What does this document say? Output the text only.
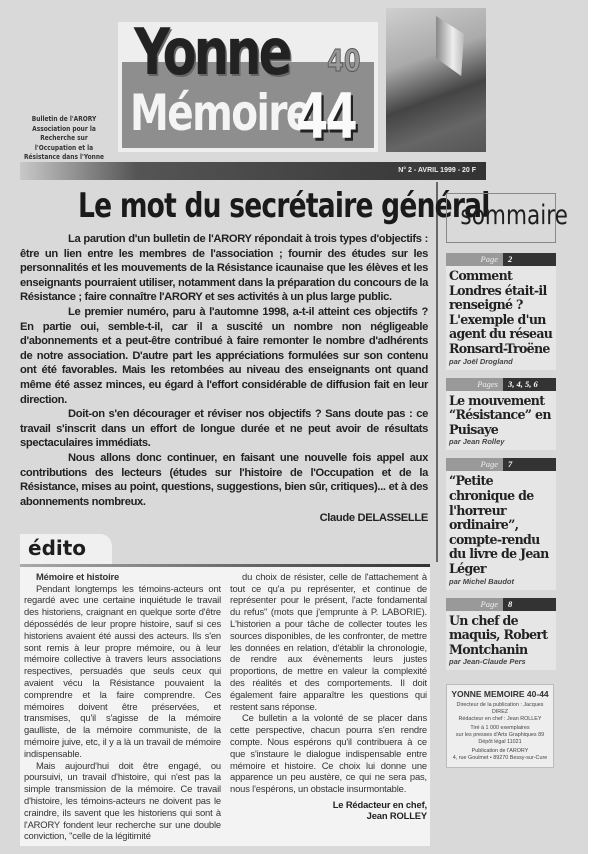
Bulletin de l'ARORY Association pour la Recherche sur l'Occupation et la Résistance dans l'Yonne
Yonne
Mémoire
40
44
N° 2 - AVRIL 1999 - 20 F
Le mot du secrétaire général

La parution d'un bulletin de l'ARORY répondait à trois types d'objectifs : être un lien entre les membres de l'association ; fournir des études sur les personnalités et les mouvements de la Résistance icaunaise que les élèves et les enseignants pourraient utiliser, notamment dans la préparation du concours de la Résistance ; faire connaître l'ARORY et ses activités à un plus large public.

Le premier numéro, paru à l'automne 1998, a-t-il atteint ces objectifs ? En partie oui, semble-t-il, car il a suscité un nombre non négligeable d'abonnements et a peut-être contribué à faire remonter le nombre d'adhérents de notre association. D'autre part les appréciations formulées sur son contenu ont été favorables. Mais les retombées au niveau des enseignants ont quand même été assez minces, eu égard à l'effort considérable de diffusion fait en leur direction.

Doit-on s'en décourager et réviser nos objectifs ? Sans doute pas : ce travail s'inscrit dans un effort de longue durée et ne peut avoir de résultats spectaculaires immédiats.

Nous allons donc continuer, en faisant une nouvelle fois appel aux contributions des lecteurs (études sur l'histoire de l'Occupation et de la Résistance, mises au point, questions, suggestions, bien sûr, critiques)... et à des abonnements nombreux.

Claude DELASSELLE

édito
Mémoire et histoire

Pendant longtemps les témoins-acteurs ont regardé avec une certaine inquiétude le travail des historiens, craignant en quelque sorte d'être dépossédés de leur propre histoire, sauf si ces historiens avaient été aussi des acteurs. Ils s'en sont remis à leur propre mémoire, ou à leur mémoire collective à travers leurs associations respectives, persuadés que seuls ceux qui avaient vécu la Résistance pouvaient la comprendre et la faire comprendre. Ces mémoires doivent être préservées, et transmises, qu'il s'agisse de la mémoire gaulliste, de la mémoire communiste, de la mémoire juive, etc, il y a là un travail de mémoire indispensable.

Mais aujourd'hui doit être engagé, ou poursuivi, un travail d'histoire, qui n'est pas la simple transmission de la mémoire. Ce travail d'histoire, les témoins-acteurs ne doivent pas le craindre, ils savent que les historiens qui sont à l'ARORY fondent leur recherche sur une double conviction, "celle de la légitimité

du choix de résister, celle de l'attachement à tout ce qu'a pu représenter, et continue de représenter pour le présent, l'acte fondamental du refus" (mots que j'emprunte à P. LABORIE). L'historien a pour tâche de collecter toutes les sources disponibles, de les confronter, de mettre les données en relation, d'établir la chronologie, de rendre aux évènements leurs justes proportions, de mettre en valeur la complexité des réalités et des comportements. Il doit également faire apparaître les questions qui restent sans réponse.

Ce bulletin a la volonté de se placer dans cette perspective, chacun pourra s'en rendre compte. Nous espérons qu'il contribuera à ce que s'instaure le dialogue indispensable entre mémoire et histoire. Ce choix lui donne une apparence un peu austère, ce qui ne sera pas, nous l'espérons, un obstacle insurmontable.

Le Rédacteur en chef,
Jean ROLLEY

sommaire
Page	2
Comment Londres était-il renseigné ? L'exemple d'un agent du réseau Ronsard-Troëne
par Joël Drogland
Pages	3, 4, 5, 6
Le mouvement “Résistance” en Puisaye
par Jean Rolley
Page	7
“Petite chronique de l'horreur ordinaire”, compte-rendu du livre de Jean Léger
par Michel Baudot
Page	8
Un chef de maquis, Robert Montchanin
par Jean-Claude Pers
YONNE MEMOIRE 40-44
Directeur de la publication : Jacques DIREZ
Rédacteur en chef : Jean ROLLEY
Tiré à 1 000 exemplaires
sur les presses d'Arts Graphiques 89
Dépôt légal 11021
Publication de l'ARORY
4, rue Goulmet • 89270 Bessy-sur-Cure
